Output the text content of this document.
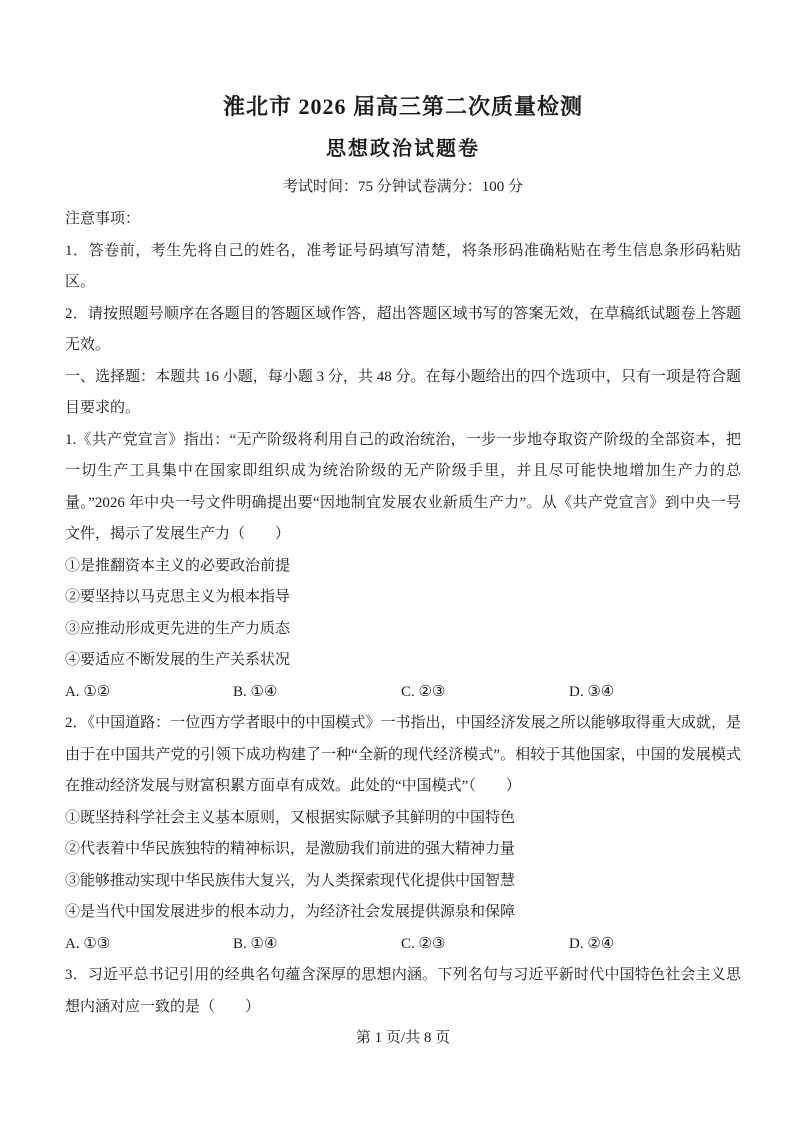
淮北市 2026 届高三第二次质量检测
思想政治试题卷
考试时间：75 分钟试卷满分：100 分

注意事项：

1．答卷前，考生先将自己的姓名，准考证号码填写清楚，将条形码准确粘贴在考生信息条形码粘贴区。

2．请按照题号顺序在各题目的答题区域作答，超出答题区域书写的答案无效，在草稿纸试题卷上答题无效。

一、选择题：本题共 16 小题，每小题 3 分，共 48 分。在每小题给出的四个选项中，只有一项是符合题目要求的。

1.《共产党宣言》指出：“无产阶级将利用自己的政治统治，一步一步地夺取资产阶级的全部资本，把一切生产工具集中在国家即组织成为统治阶级的无产阶级手里，并且尽可能快地增加生产力的总量。”2026 年中央一号文件明确提出要“因地制宜发展农业新质生产力”。从《共产党宣言》到中央一号文件，揭示了发展生产力（　　）

①是推翻资本主义的必要政治前提

②要坚持以马克思主义为根本指导

③应推动形成更先进的生产力质态

④要适应不断发展的生产关系状况

A. ①②	B. ①④	C. ②③	D. ③④

2．《中国道路：一位西方学者眼中的中国模式》一书指出，中国经济发展之所以能够取得重大成就，是由于在中国共产党的引领下成功构建了一种“全新的现代经济模式”。相较于其他国家，中国的发展模式在推动经济发展与财富积累方面卓有成效。此处的“中国模式”（　　）

①既坚持科学社会主义基本原则，又根据实际赋予其鲜明的中国特色

②代表着中华民族独特的精神标识，是激励我们前进的强大精神力量

③能够推动实现中华民族伟大复兴，为人类探索现代化提供中国智慧

④是当代中国发展进步的根本动力，为经济社会发展提供源泉和保障

A. ①③	B. ①④	C. ②③	D. ②④

3．习近平总书记引用的经典名句蕴含深厚的思想内涵。下列名句与习近平新时代中国特色社会主义思想内涵对应一致的是（　　）

第 1 页/共 8 页
